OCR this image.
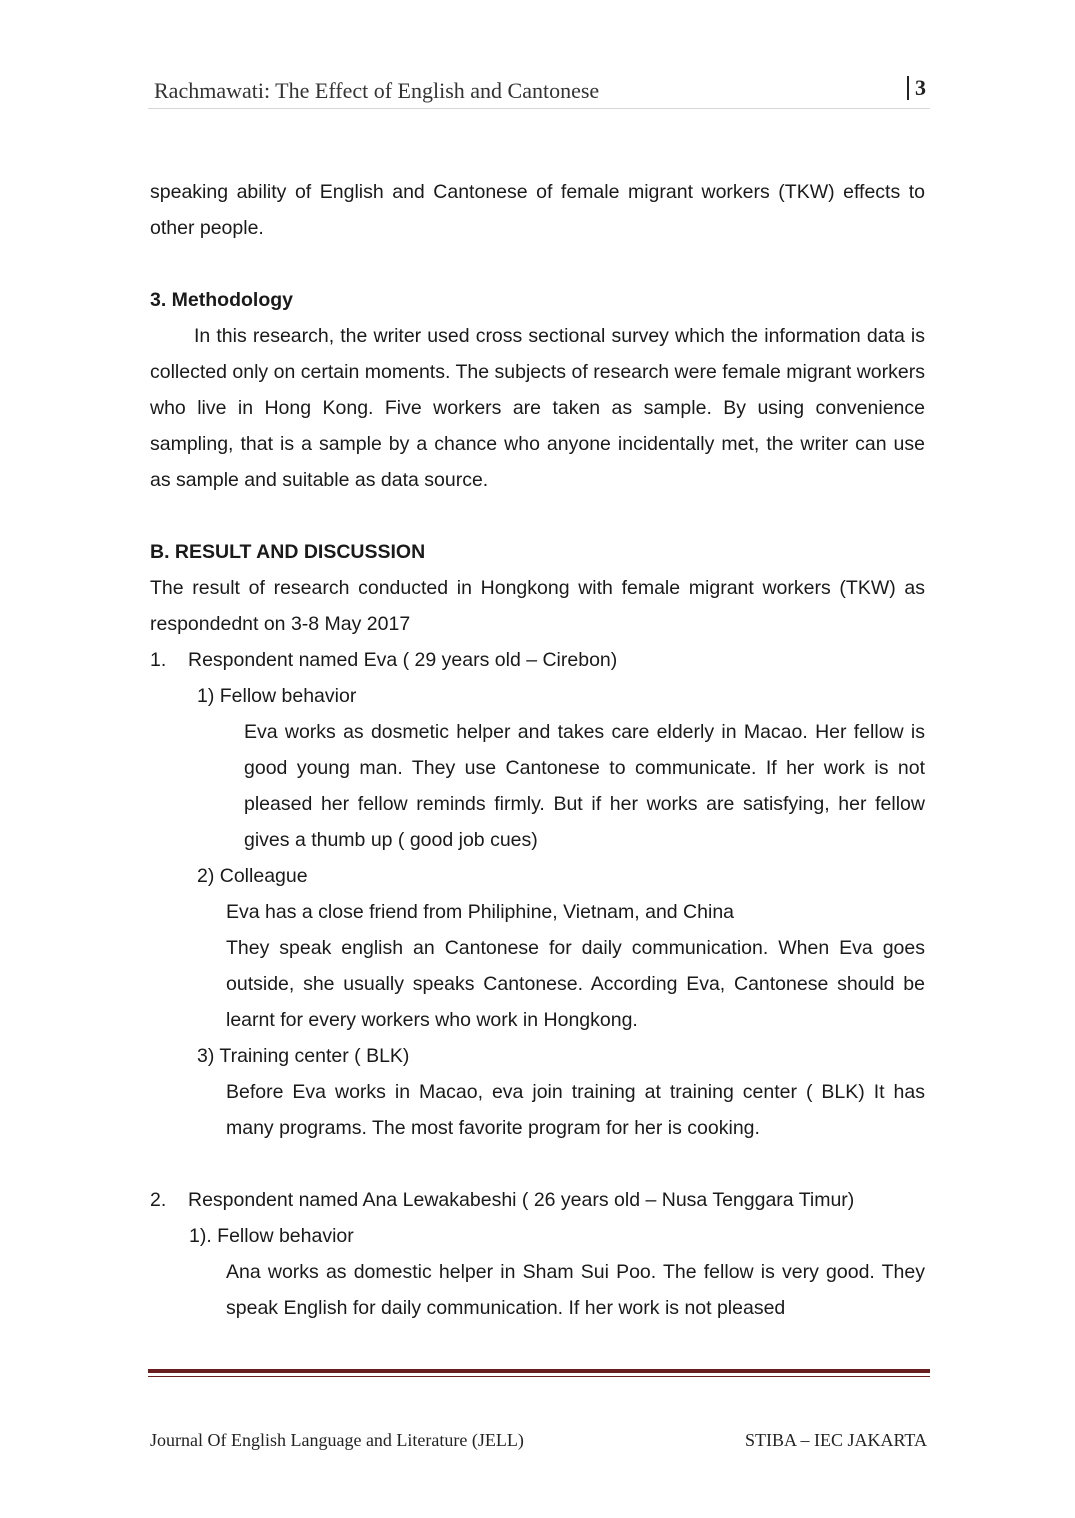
Rachmawati: The Effect of English and Cantonese	3

speaking ability of English and Cantonese of female migrant workers (TKW) effects to other people.

3. Methodology

In this research, the writer used cross sectional survey which the information data is collected only on certain moments. The subjects of research were female migrant workers who live in Hong Kong. Five workers are taken as sample. By using convenience sampling, that is a sample by a chance who anyone incidentally met, the writer can use as sample and suitable as data source.

B. RESULT AND DISCUSSION

The result of research conducted in Hongkong with female migrant workers (TKW) as respondednt on 3-8 May 2017

1.	Respondent named Eva ( 29 years old – Cirebon)

1) Fellow behavior

Eva works as dosmetic helper and takes care elderly in Macao. Her fellow is good young man. They use Cantonese to communicate. If her work is not pleased her fellow reminds firmly. But if her works are satisfying, her fellow gives a thumb up ( good job cues)

2) Colleague

Eva has a close friend from Philiphine, Vietnam, and China

They speak english an Cantonese for daily communication. When Eva goes outside, she usually speaks Cantonese. According Eva, Cantonese should be learnt for every workers who work in Hongkong.

3) Training center ( BLK)

Before Eva works in Macao, eva join training at training center ( BLK) It has many programs. The most favorite program for her is cooking.

2.	Respondent named Ana Lewakabeshi ( 26 years old – Nusa Tenggara Timur)

1). Fellow behavior

Ana works as domestic helper in Sham Sui Poo. The fellow is very good. They speak English for daily communication. If her work is not pleased

Journal Of English Language and Literature (JELL)	STIBA – IEC JAKARTA
